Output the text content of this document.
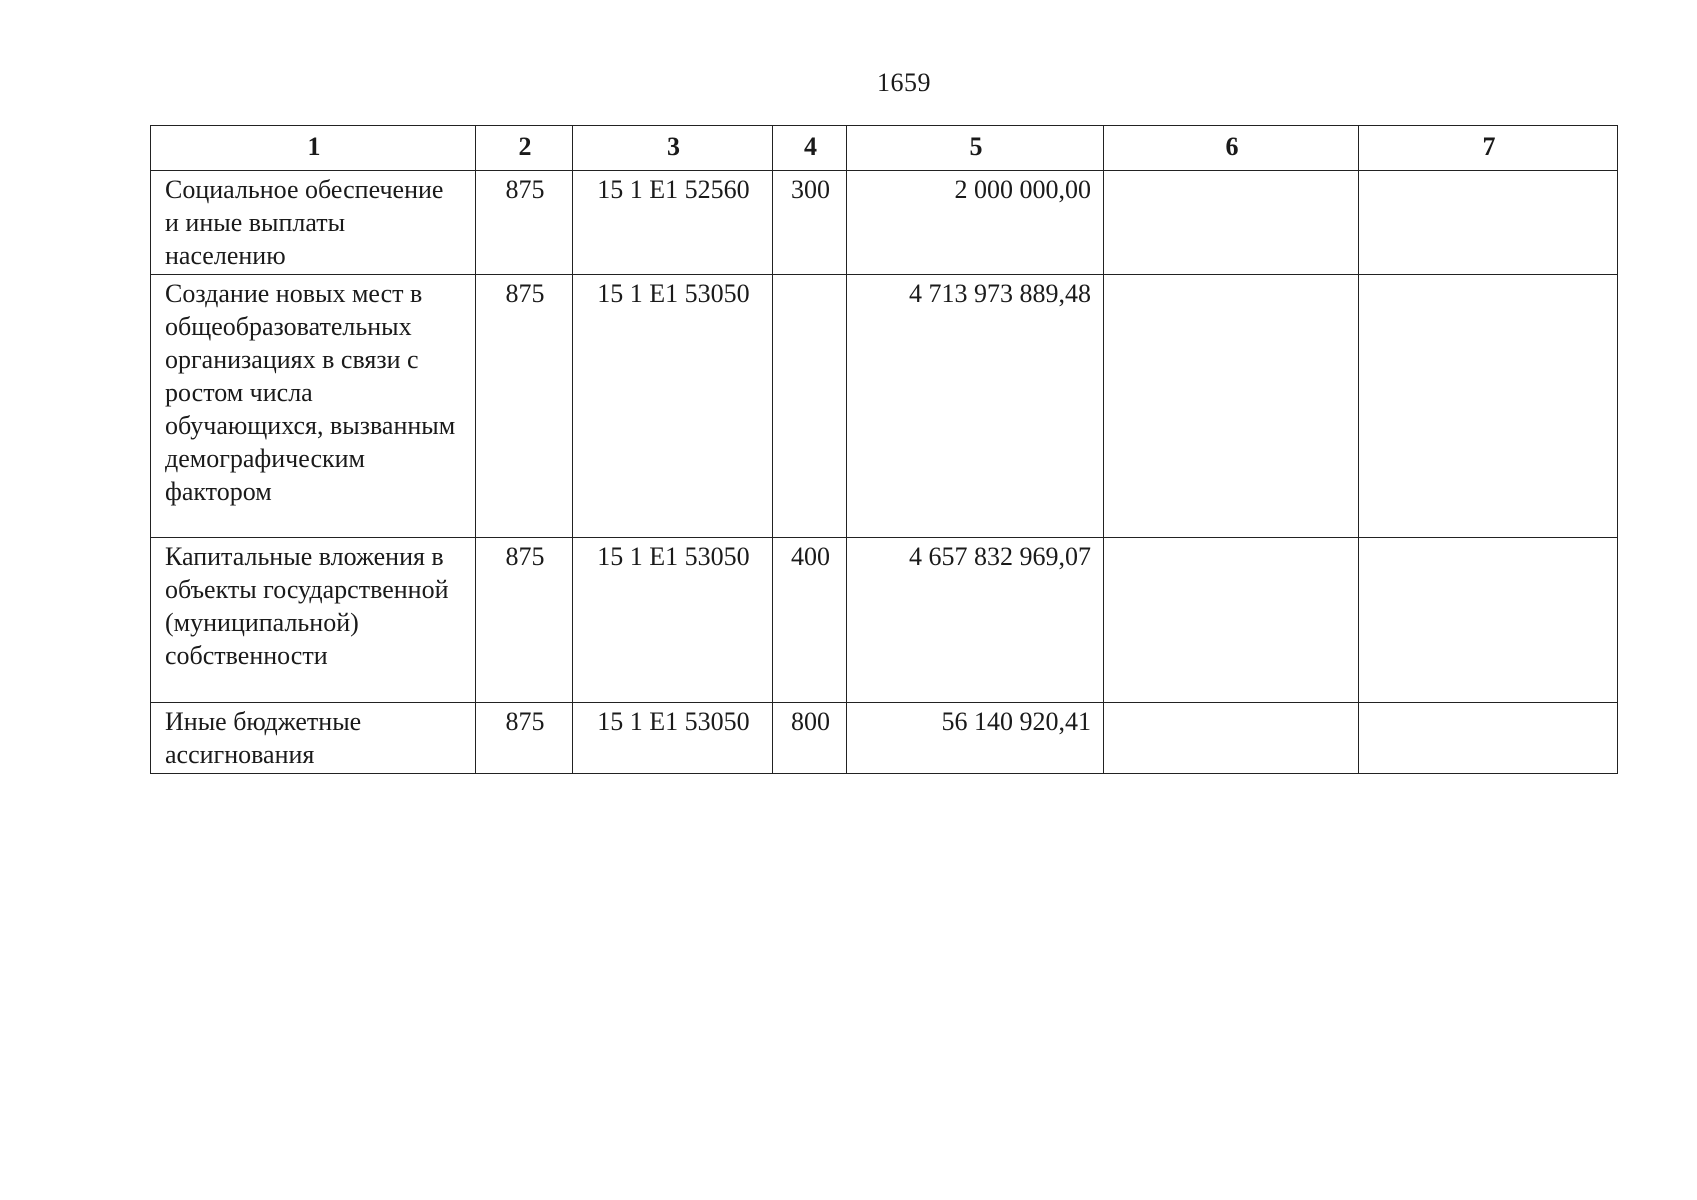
1659
1	2	3	4	5	6	7
Социальное обеспечение и иные выплаты населению	875	15 1 E1 52560	300	2 000 000,00		
Создание новых мест в общеобразовательных организациях в связи с ростом числа обучающихся, вызванным демографическим фактором	875	15 1 E1 53050		4 713 973 889,48		
Капитальные вложения в объекты государственной (муниципальной) собственности	875	15 1 E1 53050	400	4 657 832 969,07		
Иные бюджетные ассигнования	875	15 1 E1 53050	800	56 140 920,41		
